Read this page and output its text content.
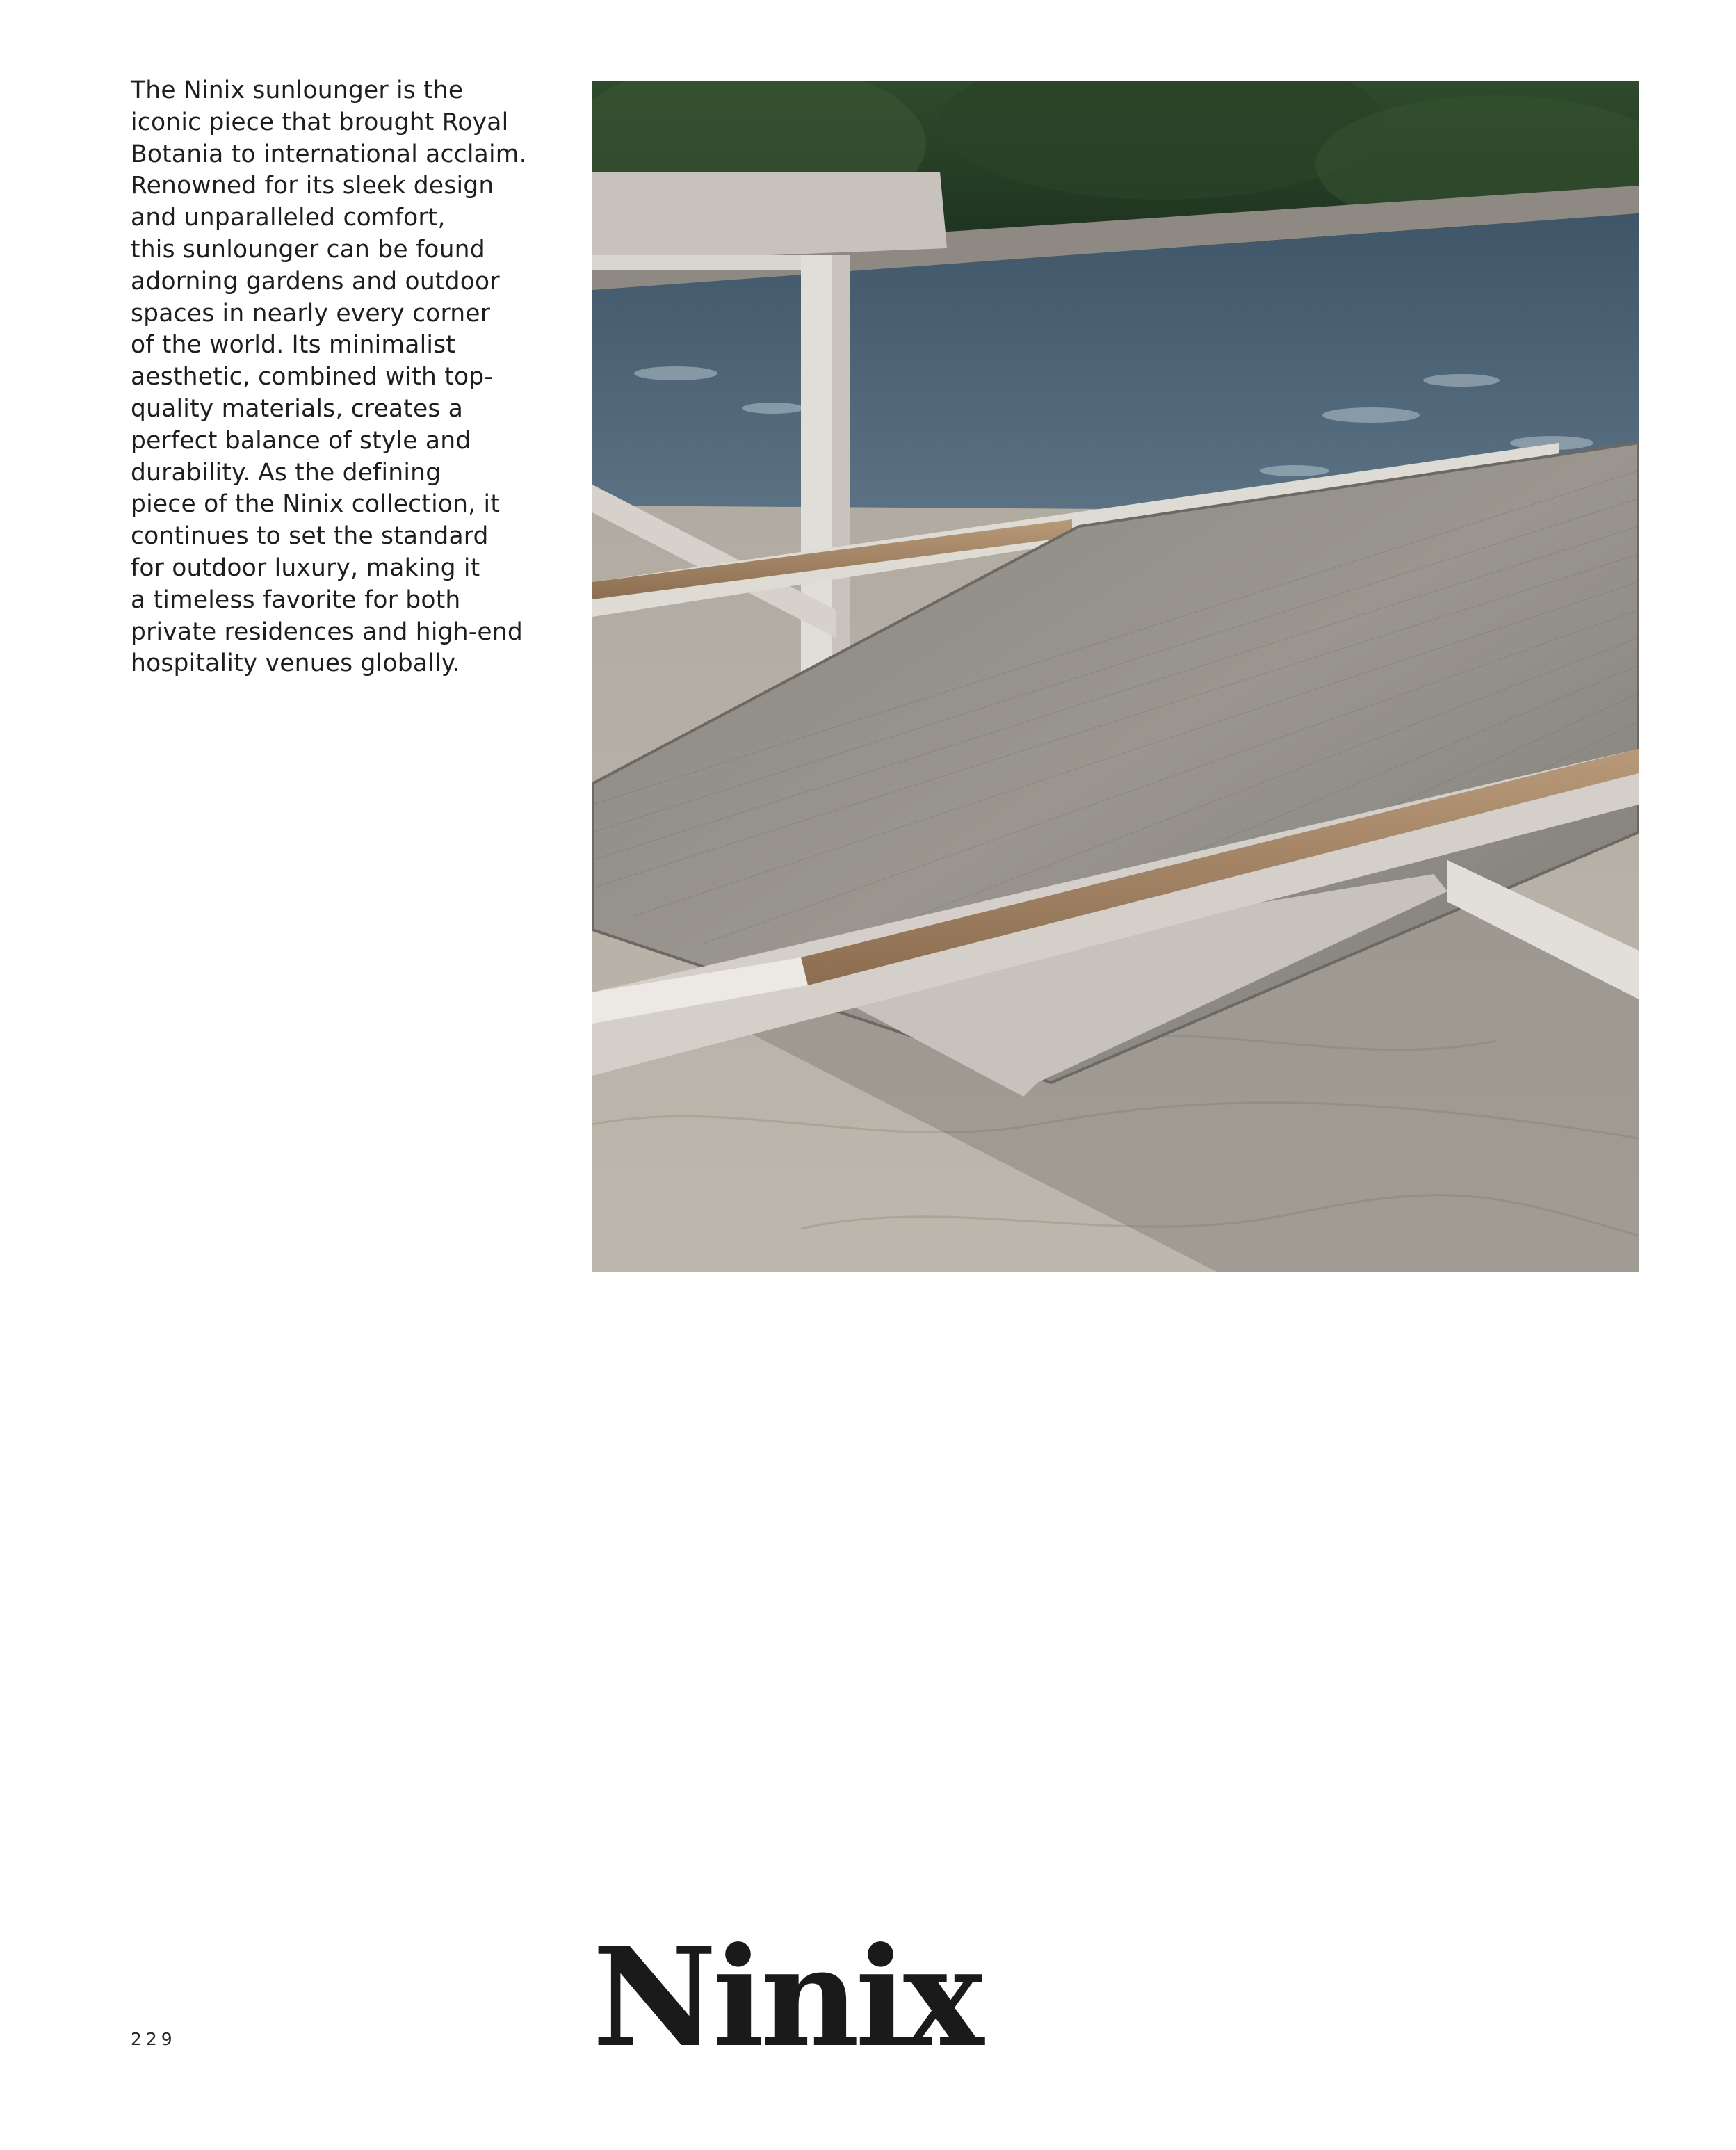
The Ninix sunlounger is the
iconic piece that brought Royal
Botania to international acclaim.
Renowned for its sleek design
and unparalleled comfort,
this sunlounger can be found
adorning gardens and outdoor
spaces in nearly every corner
of the world. Its minimalist
aesthetic, combined with top-
quality materials, creates a
perfect balance of style and
durability. As the defining
piece of the Ninix collection, it
continues to set the standard
for outdoor luxury, making it
a timeless favorite for both
private residences and high-end
hospitality venues globally.

229	Ninix
